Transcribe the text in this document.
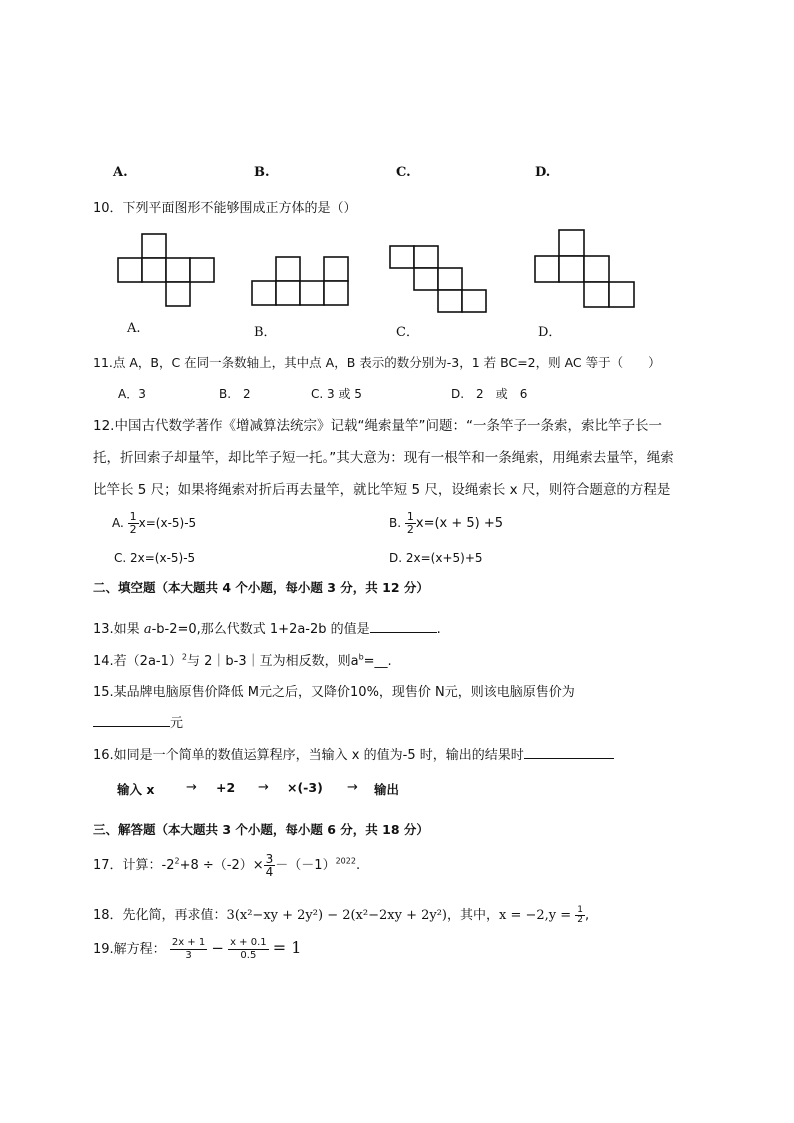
A.	B.	C.	D.
10．下列平面图形不能够围成正方体的是（）
A.	B．	C．	D．
11.点 A，B，C 在同一条数轴上，其中点 A，B 表示的数分别为-3，1 若 BC=2，则 AC 等于（　　）
A．3	B.　2	C. 3 或 5	D.　2　或　6
12.中国古代数学著作《增减算法统宗》记载“绳索量竿”问题：“一条竿子一条索，索比竿子长一
托，折回索子却量竿，却比竿子短一托。”其大意为：现有一根竿和一条绳索，用绳索去量竿，绳索
比竿长 5 尺；如果将绳索对折后再去量竿，就比竿短 5 尺，设绳索长 x 尺，则符合题意的方程是
A. $\frac{1}{2} x=(x-5)-5$	B. $\frac{1}{2} x=(x + 5) +5$
C. 2x=(x-5)-5	D. 2x=(x+5)+5
二、填空题（本大题共 4 个小题，每小题 3 分，共 12 分）
13.如果 a-b-2=0,那么代数式 1+2a-2b 的值是	.
14.若$(2a-1)^2$与 2｜b-3｜互为相反数，则$a^b=\_\_$.
15.某品牌电脑原售价降低 M元之后，又降价10%，现售价 N元，则该电脑原售价为
元
16.如同是一个简单的数值运算程序，当输入 x 的值为-5 时，输出的结果时
输入 x → +2 → ×(-3) → 输出
三、解答题（本大题共 3 个小题，每小题 6 分，共 18 分）
17．计算：$-2^2+8 \div(-2)\times \frac{3}{4} -(-1)^{2022}$.
18．先化简，再求值：3(x²−xy + 2y²) − 2(x²−2xy + 2y²)，其中，$x = -2,y = \frac{1}{2}$ ,
19.解方程： $\frac{2x + 1}{3} - \frac{x + 0.1}{0.5} = 1$
